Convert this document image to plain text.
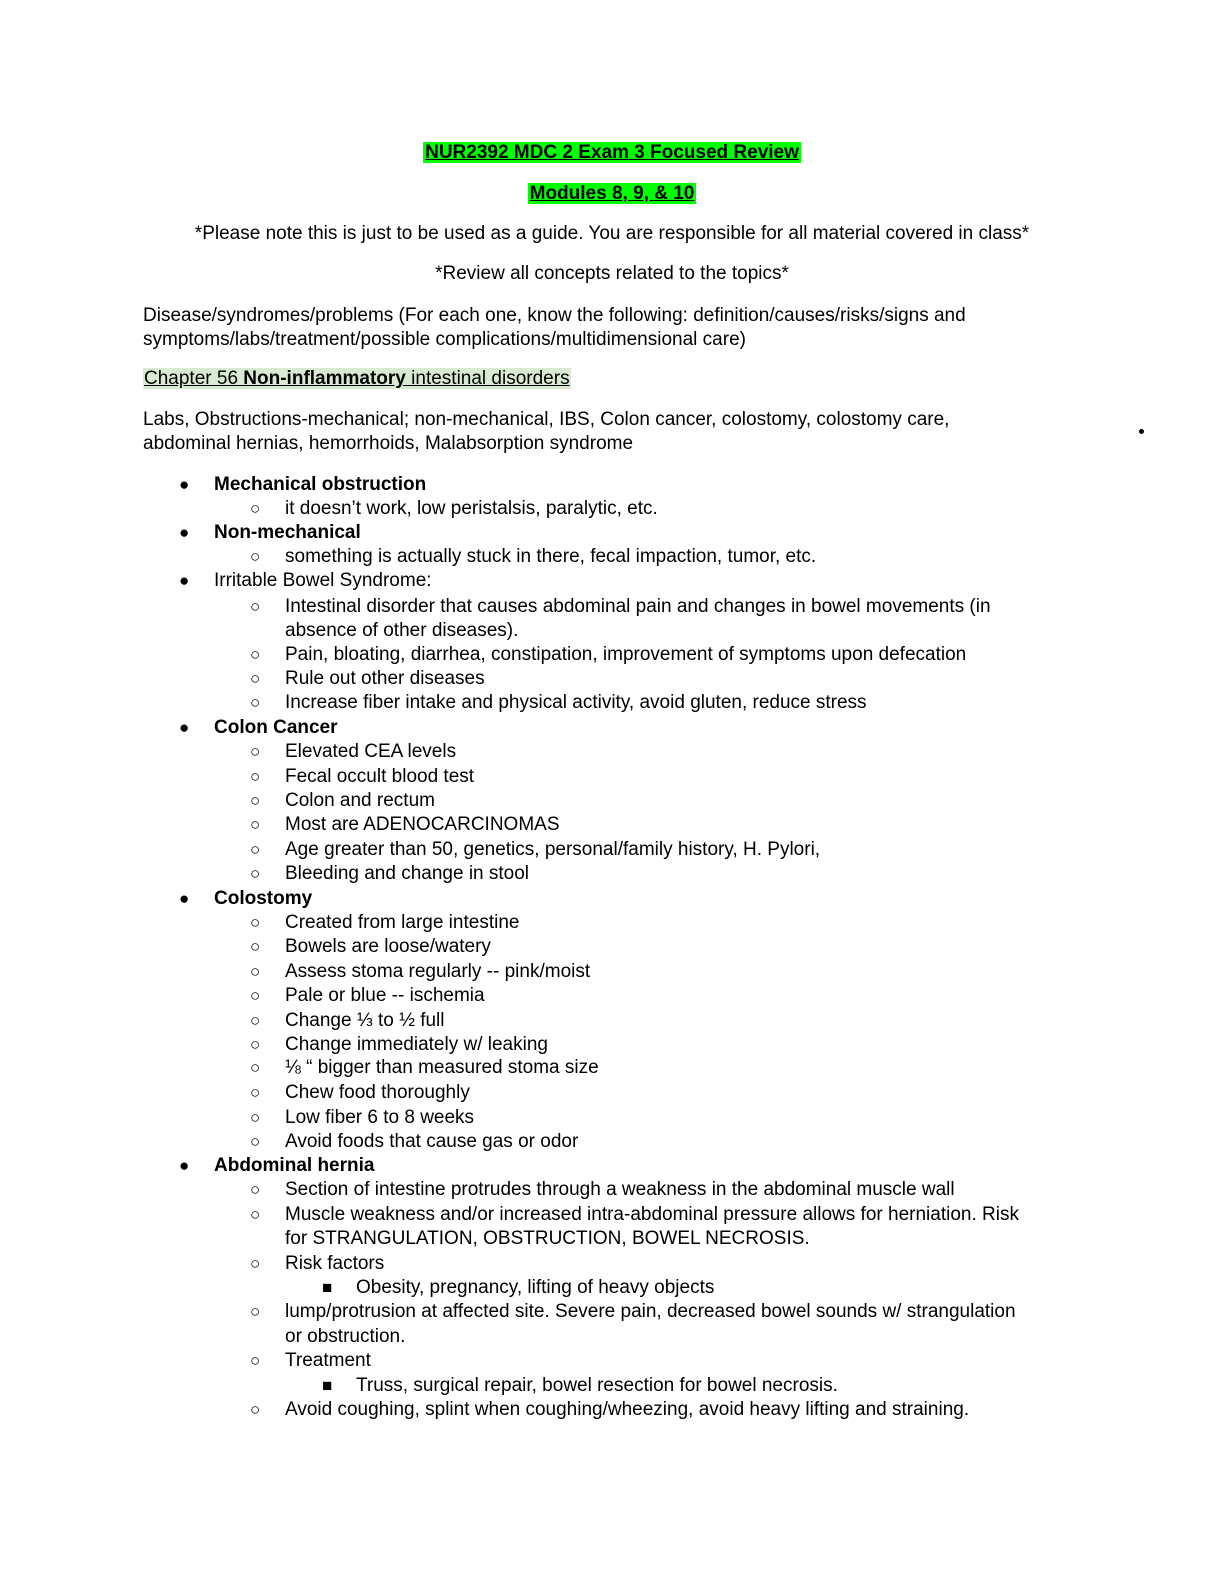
NUR2392 MDC 2 Exam 3 Focused Review
Modules 8, 9, & 10
*Please note this is just to be used as a guide. You are responsible for all material covered in class*
*Review all concepts related to the topics*
Disease/syndromes/problems (For each one, know the following: definition/causes/risks/signs and
symptoms/labs/treatment/possible complications/multidimensional care)
Chapter 56 Non-inflammatory intestinal disorders
Labs, Obstructions-mechanical; non-mechanical, IBS, Colon cancer, colostomy, colostomy care,
abdominal hernias, hemorrhoids, Malabsorption syndrome
● Mechanical obstruction
○ it doesn’t work, low peristalsis, paralytic, etc.
● Non-mechanical
○ something is actually stuck in there, fecal impaction, tumor, etc.
● Irritable Bowel Syndrome:
○ Intestinal disorder that causes abdominal pain and changes in bowel movements (in
absence of other diseases).
○ Pain, bloating, diarrhea, constipation, improvement of symptoms upon defecation
○ Rule out other diseases
○ Increase fiber intake and physical activity, avoid gluten, reduce stress
● Colon Cancer
○ Elevated CEA levels
○ Fecal occult blood test
○ Colon and rectum
○ Most are ADENOCARCINOMAS
○ Age greater than 50, genetics, personal/family history, H. Pylori,
○ Bleeding and change in stool
● Colostomy
○ Created from large intestine
○ Bowels are loose/watery
○ Assess stoma regularly -- pink/moist
○ Pale or blue -- ischemia
○ Change ⅓ to ½ full
○ Change immediately w/ leaking
○ ⅛ “ bigger than measured stoma size
○ Chew food thoroughly
○ Low fiber 6 to 8 weeks
○ Avoid foods that cause gas or odor
● Abdominal hernia
○ Section of intestine protrudes through a weakness in the abdominal muscle wall
○ Muscle weakness and/or increased intra-abdominal pressure allows for herniation. Risk
for STRANGULATION, OBSTRUCTION, BOWEL NECROSIS.
○ Risk factors
■ Obesity, pregnancy, lifting of heavy objects
○ lump/protrusion at affected site. Severe pain, decreased bowel sounds w/ strangulation
or obstruction.
○ Treatment
■ Truss, surgical repair, bowel resection for bowel necrosis.
○ Avoid coughing, splint when coughing/wheezing, avoid heavy lifting and straining.
